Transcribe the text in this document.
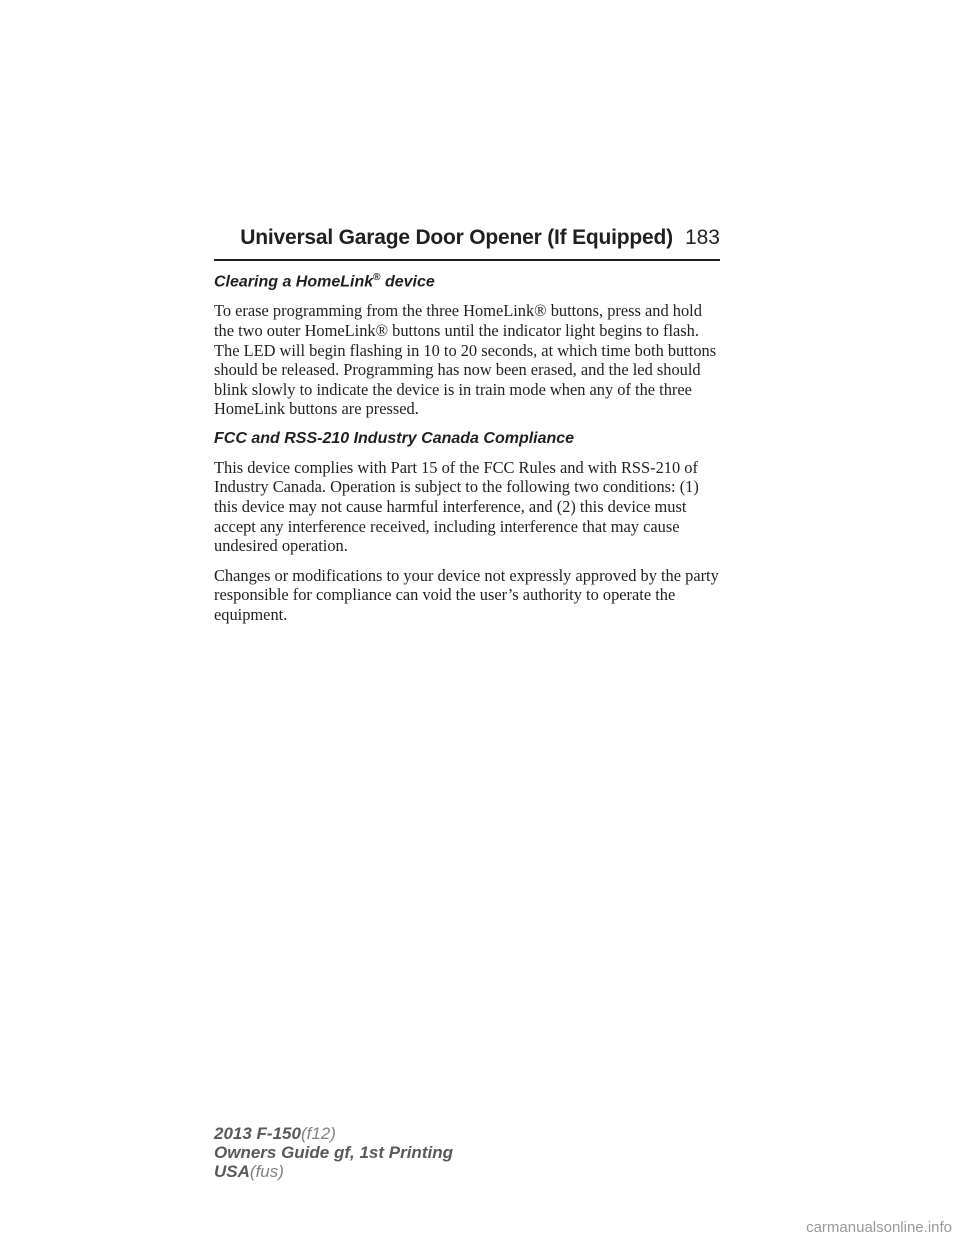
Universal Garage Door Opener (If Equipped) 183
Clearing a HomeLink® device

To erase programming from the three HomeLink® buttons, press and hold the two outer HomeLink® buttons until the indicator light begins to flash. The LED will begin flashing in 10 to 20 seconds, at which time both buttons should be released. Programming has now been erased, and the led should blink slowly to indicate the device is in train mode when any of the three HomeLink buttons are pressed.

FCC and RSS-210 Industry Canada Compliance

This device complies with Part 15 of the FCC Rules and with RSS-210 of Industry Canada. Operation is subject to the following two conditions: (1) this device may not cause harmful interference, and (2) this device must accept any interference received, including interference that may cause undesired operation.

Changes or modifications to your device not expressly approved by the party responsible for compliance can void the user’s authority to operate the equipment.

2013 F-150(f12)
Owners Guide gf, 1st Printing
USA(fus)
carmanualsonline.info
